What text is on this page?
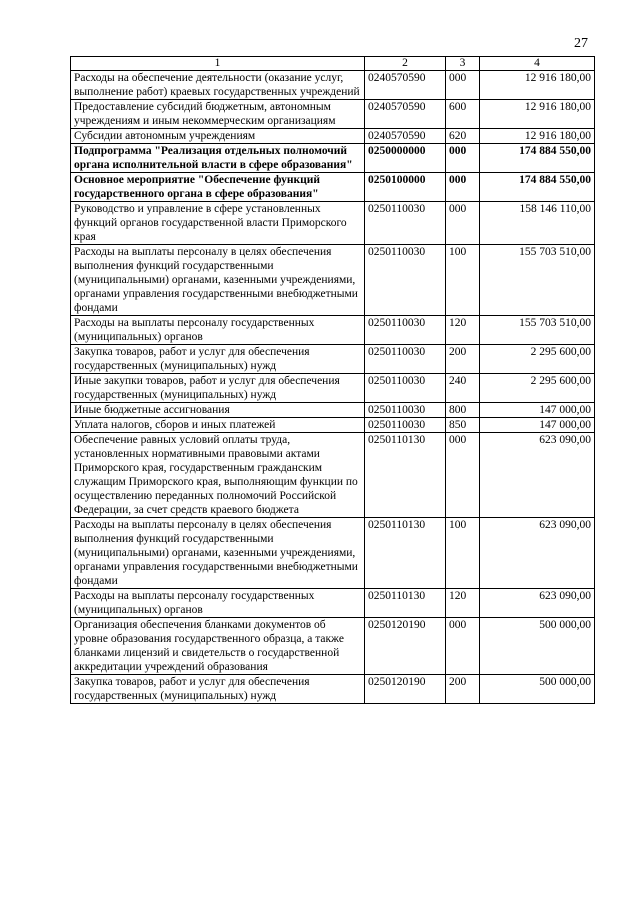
27
1	2	3	4
Расходы на обеспечение деятельности (оказание услуг, выполнение работ) краевых государственных учреждений	0240570590	000	12 916 180,00
Предоставление субсидий бюджетным, автономным учреждениям и иным некоммерческим организациям	0240570590	600	12 916 180,00
Субсидии автономным учреждениям	0240570590	620	12 916 180,00
Подпрограмма "Реализация отдельных полномочий органа исполнительной власти в сфере образования"	0250000000	000	174 884 550,00
Основное мероприятие "Обеспечение функций государственного органа в сфере образования"	0250100000	000	174 884 550,00
Руководство и управление в сфере установленных функций органов государственной власти Приморского края	0250110030	000	158 146 110,00
Расходы на выплаты персоналу в целях обеспечения выполнения функций государственными (муниципальными) органами, казенными учреждениями, органами управления государственными внебюджетными фондами	0250110030	100	155 703 510,00
Расходы на выплаты персоналу государственных (муниципальных) органов	0250110030	120	155 703 510,00
Закупка товаров, работ и услуг для обеспечения государственных (муниципальных) нужд	0250110030	200	2 295 600,00
Иные закупки товаров, работ и услуг для обеспечения государственных (муниципальных) нужд	0250110030	240	2 295 600,00
Иные бюджетные ассигнования	0250110030	800	147 000,00
Уплата налогов, сборов и иных платежей	0250110030	850	147 000,00
Обеспечение равных условий оплаты труда, установленных нормативными правовыми актами Приморского края, государственным гражданским служащим Приморского края, выполняющим функции по осуществлению переданных полномочий Российской Федерации, за счет средств краевого бюджета	0250110130	000	623 090,00
Расходы на выплаты персоналу в целях обеспечения выполнения функций государственными (муниципальными) органами, казенными учреждениями, органами управления государственными внебюджетными фондами	0250110130	100	623 090,00
Расходы на выплаты персоналу государственных (муниципальных) органов	0250110130	120	623 090,00
Организация обеспечения бланками документов об уровне образования государственного образца, а также бланками лицензий и свидетельств о государственной аккредитации учреждений образования	0250120190	000	500 000,00
Закупка товаров, работ и услуг для обеспечения государственных (муниципальных) нужд	0250120190	200	500 000,00
